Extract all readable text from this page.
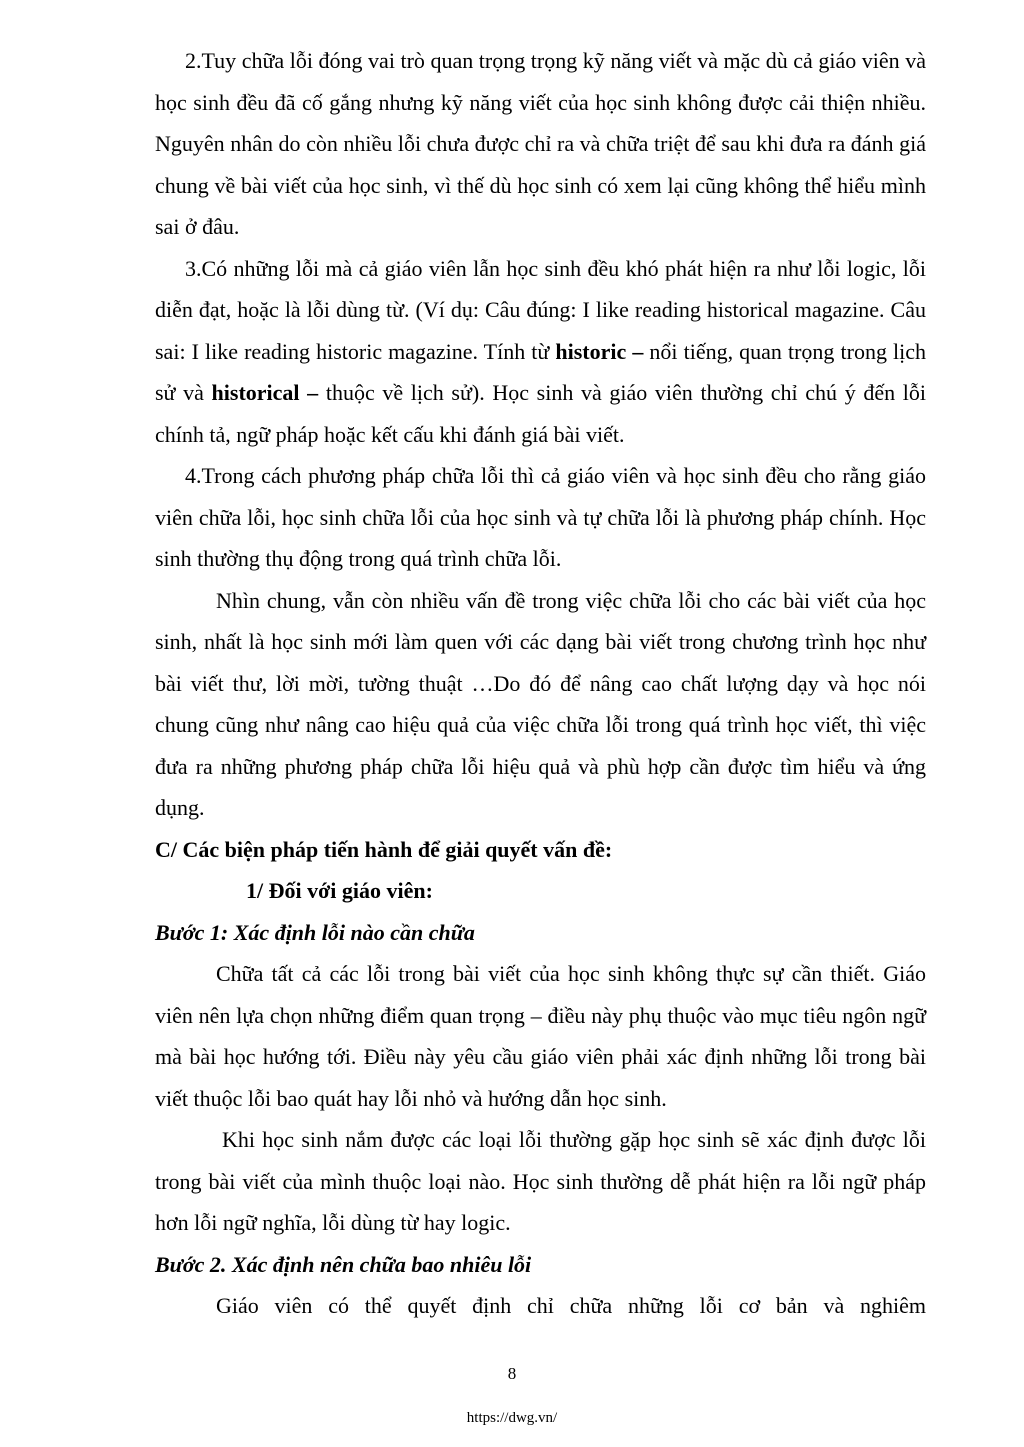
2.Tuy chữa lỗi đóng vai trò quan trọng trọng kỹ năng viết và mặc dù cả giáo viên và học sinh đều đã cố gắng nhưng kỹ năng viết của học sinh không được cải thiện nhiều. Nguyên nhân do còn nhiều lỗi chưa được chỉ ra và chữa triệt để sau khi đưa ra đánh giá chung về bài viết của học sinh, vì thế dù học sinh có xem lại cũng không thể hiểu mình sai ở đâu.

3.Có những lỗi mà cả giáo viên lẫn học sinh đều khó phát hiện ra như lỗi logic, lỗi diễn đạt, hoặc là lỗi dùng từ. (Ví dụ: Câu đúng: I like reading historical magazine. Câu sai: I like reading historic magazine. Tính từ historic – nổi tiếng, quan trọng trong lịch sử và historical – thuộc về lịch sử). Học sinh và giáo viên thường chỉ chú ý đến lỗi chính tả, ngữ pháp hoặc kết cấu khi đánh giá bài viết.

4.Trong cách phương pháp chữa lỗi thì cả giáo viên và học sinh đều cho rằng giáo viên chữa lỗi, học sinh chữa lỗi của học sinh và tự chữa lỗi là phương pháp chính. Học sinh thường thụ động trong quá trình chữa lỗi.

Nhìn chung, vẫn còn nhiều vấn đề trong việc chữa lỗi cho các bài viết của học sinh, nhất là học sinh mới làm quen với các dạng bài viết trong chương trình học như bài viết thư, lời mời, tường thuật …Do đó để nâng cao chất lượng dạy và học nói chung cũng như nâng cao hiệu quả của việc chữa lỗi trong quá trình học viết, thì việc đưa ra những phương pháp chữa lỗi hiệu quả và phù hợp cần được tìm hiểu và ứng dụng.

C/ Các biện pháp tiến hành để giải quyết vấn đề:
1/ Đối với giáo viên:
Bước 1: Xác định lỗi nào cần chữa

Chữa tất cả các lỗi trong bài viết của học sinh không thực sự cần thiết. Giáo viên nên lựa chọn những điểm quan trọng – điều này phụ thuộc vào mục tiêu ngôn ngữ mà bài học hướng tới. Điều này yêu cầu giáo viên phải xác định những lỗi trong bài viết thuộc lỗi bao quát hay lỗi nhỏ và hướng dẫn học sinh.

Khi học sinh nắm được các loại lỗi thường gặp học sinh sẽ xác định được lỗi trong bài viết của mình thuộc loại nào. Học sinh thường dễ phát hiện ra lỗi ngữ pháp hơn lỗi ngữ nghĩa, lỗi dùng từ hay logic.

Bước 2. Xác định nên chữa bao nhiêu lỗi

Giáo viên có thể quyết định chỉ chữa những lỗi cơ bản và nghiêm

8
https://dwg.vn/
